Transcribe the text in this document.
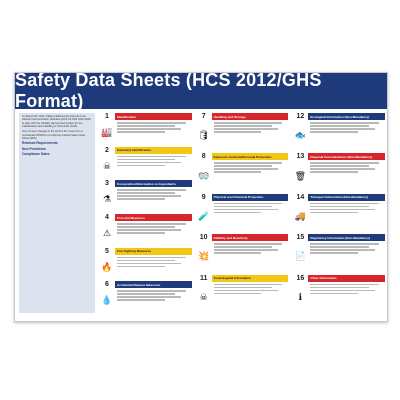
Safety Data Sheets (HCS 2012/GHS Format)

On March 26, 2012, OSHA published the final rule to its Hazard Communication Standard (HCS 29 CFR 1910.1200) to align with the Globally Harmonized System for the Classification and Labelling of Chemicals (GHS).

One of many changes in the HCS is the move from a nonstandard MSDS to a uniformly ordered Safety Data Sheet (SDS).

Retained Requirements
New Provisions
Compliance Dates
1	Identification
🏭
2	Hazard(s) Identification
☠
3	Composition/Information on Ingredients
⚗
4	First-Aid Measures
⚠
5	Fire-Fighting Measures
🔥
6	Accidental Release Measures
💧
7	Handling and Storage
🛢
8	Exposure Controls/Personal Protection
🥽
9	Physical and Chemical Properties
🧪
10	Stability and Reactivity
💥
11	Toxicological Information
☠
12	Ecological Information (Non-Mandatory)
🐟
13	Disposal Considerations (Non-Mandatory)
🗑
14	Transport Information (Non-Mandatory)
🚚
15	Regulatory Information (Non-Mandatory)
📄
16	Other Information
ℹ
